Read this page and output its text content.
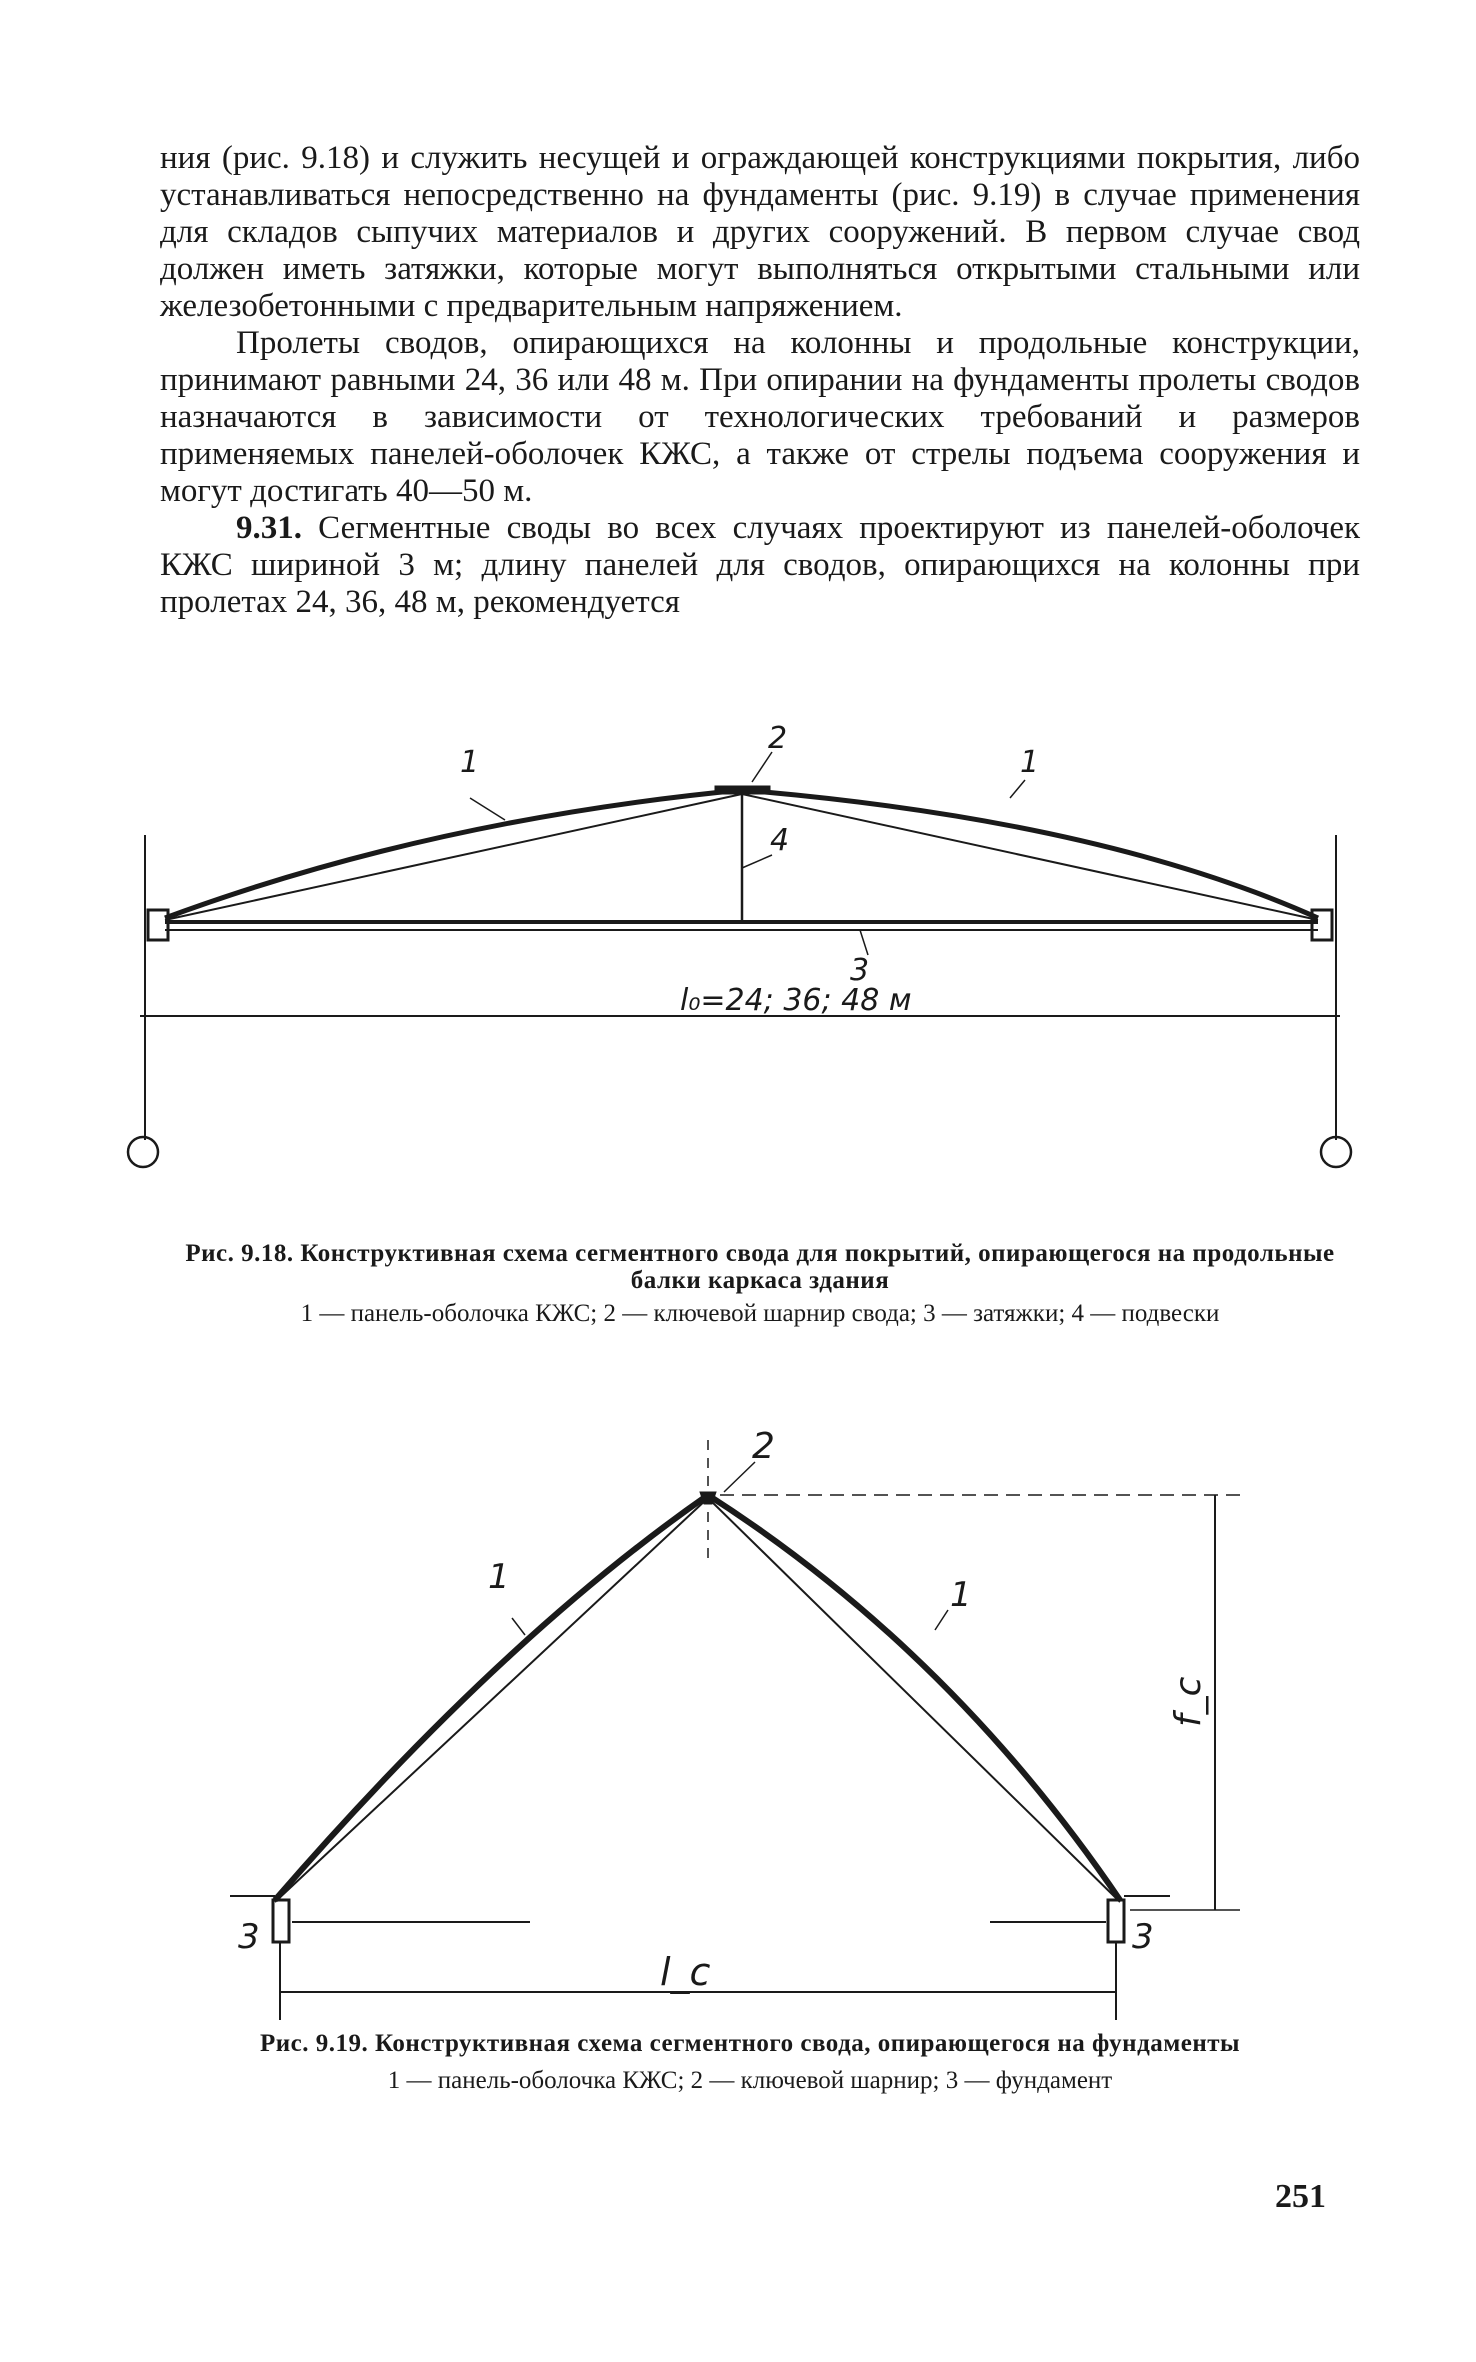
ния (рис. 9.18) и служить несущей и ограждающей конструкциями покрытия, либо устанавливаться непосредственно на фундаменты (рис. 9.19) в случае применения для складов сыпучих материалов и других сооружений. В первом случае свод должен иметь затяжки, которые могут выполняться открытыми стальными или железобетонными с предварительным напряжением.

Пролеты сводов, опирающихся на колонны и продольные конструкции, принимают равными 24, 36 или 48 м. При опирании на фундаменты пролеты сводов назначаются в зависимости от технологических требований и размеров применяемых панелей-оболочек КЖС, а также от стрелы подъема сооружения и могут достигать 40—50 м.

9.31. Сегментные своды во всех случаях проектируют из панелей-оболочек КЖС шириной 3 м; длину панелей для сводов, опирающихся на колонны при пролетах 24, 36, 48 м, рекомендуется

1	1
2
4
3
l₀=24; 36; 48 м
Рис. 9.18. Конструктивная схема сегментного свода для покрытий, опирающегося на продольные балки каркаса здания
1 — панель-оболочка КЖС; 2 — ключевой шарнир свода; 3 — затяжки; 4 — подвески
1	1
2
3	3
f_c
l_c
Рис. 9.19. Конструктивная схема сегментного свода, опирающегося на фундаменты
1 — панель-оболочка КЖС; 2 — ключевой шарнир; 3 — фундамент
251
